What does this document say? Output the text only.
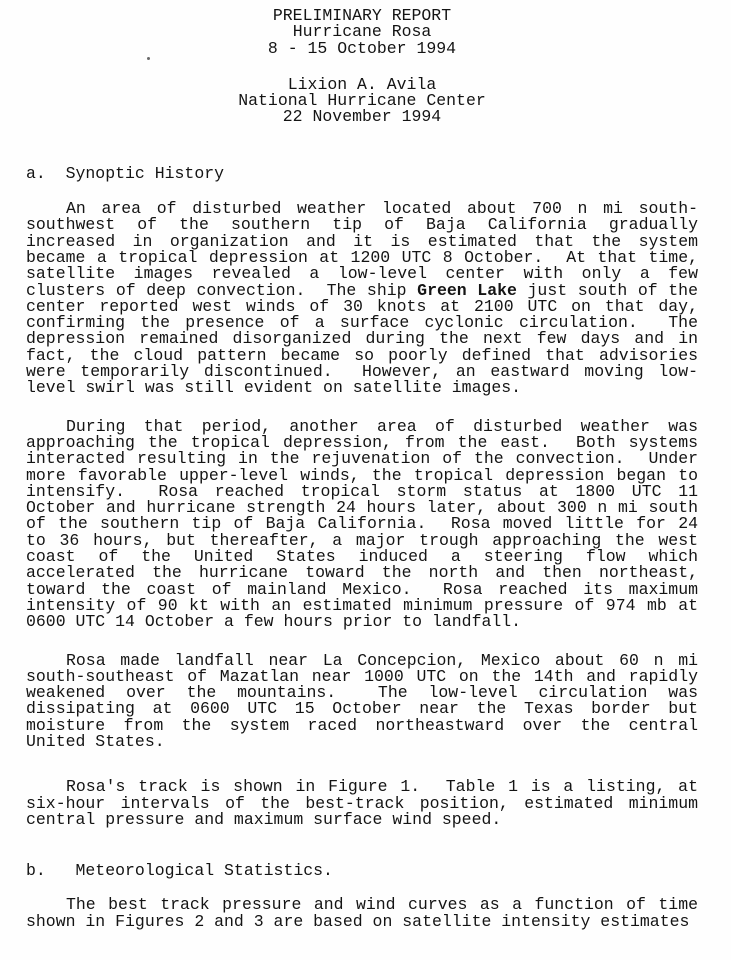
PRELIMINARY REPORT
Hurricane Rosa
8 - 15 October 1994
Lixion A. Avila
National Hurricane Center
22 November 1994
a.  Synoptic History
An area of disturbed weather located about 700 n mi south-
southwest of the southern tip of Baja California gradually
increased in organization and it is estimated that the system
became a tropical depression at 1200 UTC 8 October.  At that time,
satellite images revealed a low-level center with only a few
clusters of deep convection.  The ship Green Lake just south of the
center reported west winds of 30 knots at 2100 UTC on that day,
confirming the presence of a surface cyclonic circulation.  The
depression remained disorganized during the next few days and in
fact, the cloud pattern became so poorly defined that advisories
were temporarily discontinued.  However, an eastward moving low-
level swirl was still evident on satellite images.
During that period, another area of disturbed weather was
approaching the tropical depression, from the east.  Both systems
interacted resulting in the rejuvenation of the convection.  Under
more favorable upper-level winds, the tropical depression began to
intensify.  Rosa reached tropical storm status at 1800 UTC 11
October and hurricane strength 24 hours later, about 300 n mi south
of the southern tip of Baja California.  Rosa moved little for 24
to 36 hours, but thereafter, a major trough approaching the west
coast of the United States induced a steering flow which
accelerated the hurricane toward the north and then northeast,
toward the coast of mainland Mexico.  Rosa reached its maximum
intensity of 90 kt with an estimated minimum pressure of 974 mb at
0600 UTC 14 October a few hours prior to landfall.
Rosa made landfall near La Concepcion, Mexico about 60 n mi
south-southeast of Mazatlan near 1000 UTC on the 14th and rapidly
weakened over the mountains.  The low-level circulation was
dissipating at 0600 UTC 15 October near the Texas border but
moisture from the system raced northeastward over the central
United States.
Rosa's track is shown in Figure 1.  Table 1 is a listing, at
six-hour intervals of the best-track position, estimated minimum
central pressure and maximum surface wind speed.
b.   Meteorological Statistics.
The best track pressure and wind curves as a function of time
shown in Figures 2 and 3 are based on satellite intensity estimates
